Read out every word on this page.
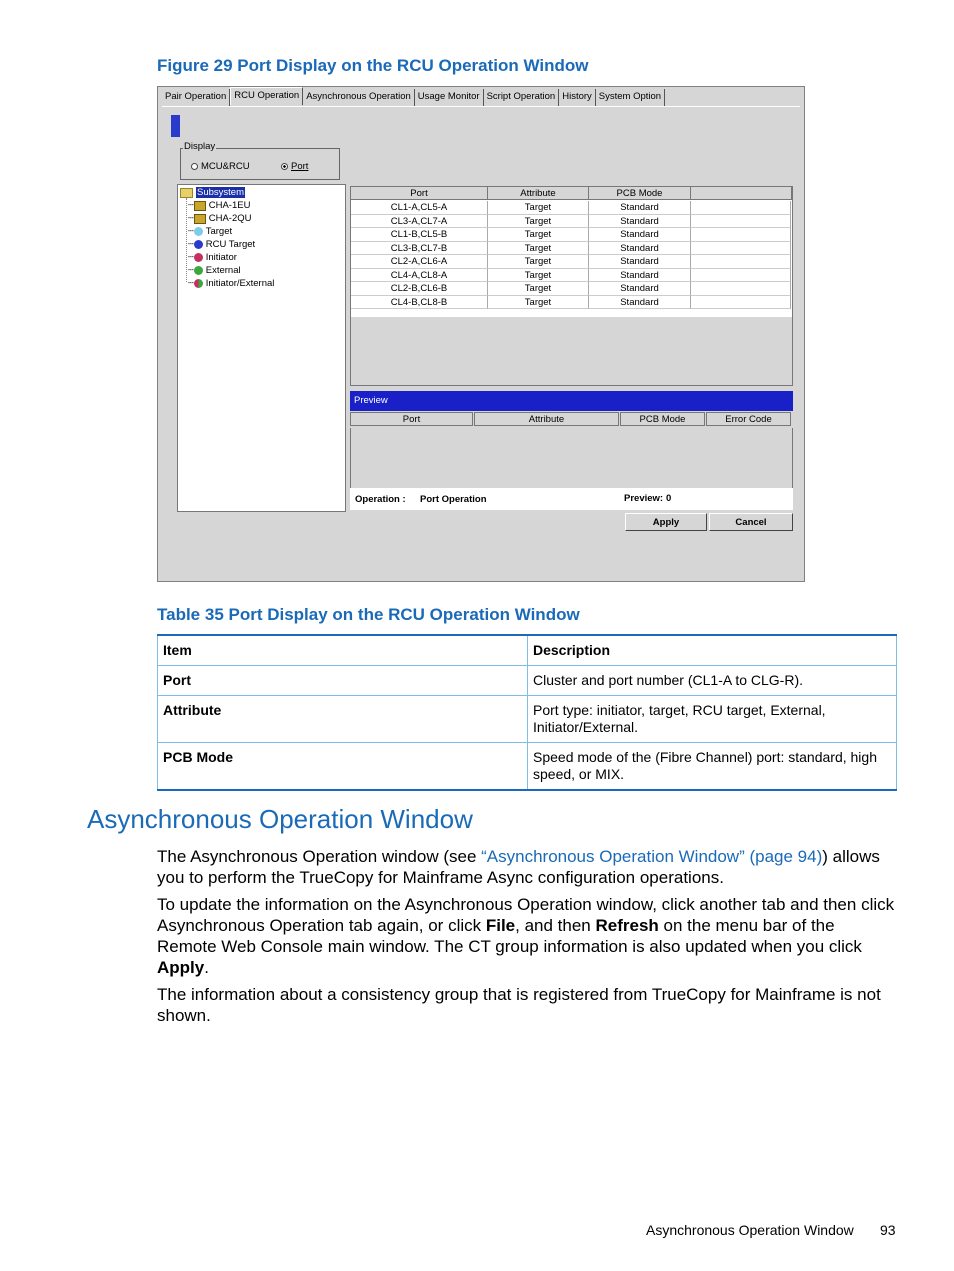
Figure 29 Port Display on the RCU Operation Window
Pair Operation RCU Operation Asynchronous Operation Usage Monitor Script Operation History System Option
Display
MCU&RCU	Port
Subsystem
┄ CHA-1EU
┄ CHA-2QU
┄ Target
┄ RCU Target
┄ Initiator
┄ External
┄ Initiator/External
Port	Attribute	PCB Mode
CL1-A,CL5-A	Target	Standard
CL3-A,CL7-A	Target	Standard
CL1-B,CL5-B	Target	Standard
CL3-B,CL7-B	Target	Standard
CL2-A,CL6-A	Target	Standard
CL4-A,CL8-A	Target	Standard
CL2-B,CL6-B	Target	Standard
CL4-B,CL8-B	Target	Standard
Preview
Port	Attribute	PCB Mode	Error Code
Operation : Port Operation	Preview: 0
Apply	Cancel
Table 35 Port Display on the RCU Operation Window
Item	Description
Port	Cluster and port number (CL1-A to CLG-R).
Attribute	Port type: initiator, target, RCU target, External, Initiator/External.
PCB Mode	Speed mode of the (Fibre Channel) port: standard, high speed, or MIX.
Asynchronous Operation Window
The Asynchronous Operation window (see “Asynchronous Operation Window” (page 94)) allows you to perform the TrueCopy for Mainframe Async configuration operations.
To update the information on the Asynchronous Operation window, click another tab and then click Asynchronous Operation tab again, or click File, and then Refresh on the menu bar of the Remote Web Console main window. The CT group information is also updated when you click Apply.
The information about a consistency group that is registered from TrueCopy for Mainframe is not shown.
Asynchronous Operation Window 93
